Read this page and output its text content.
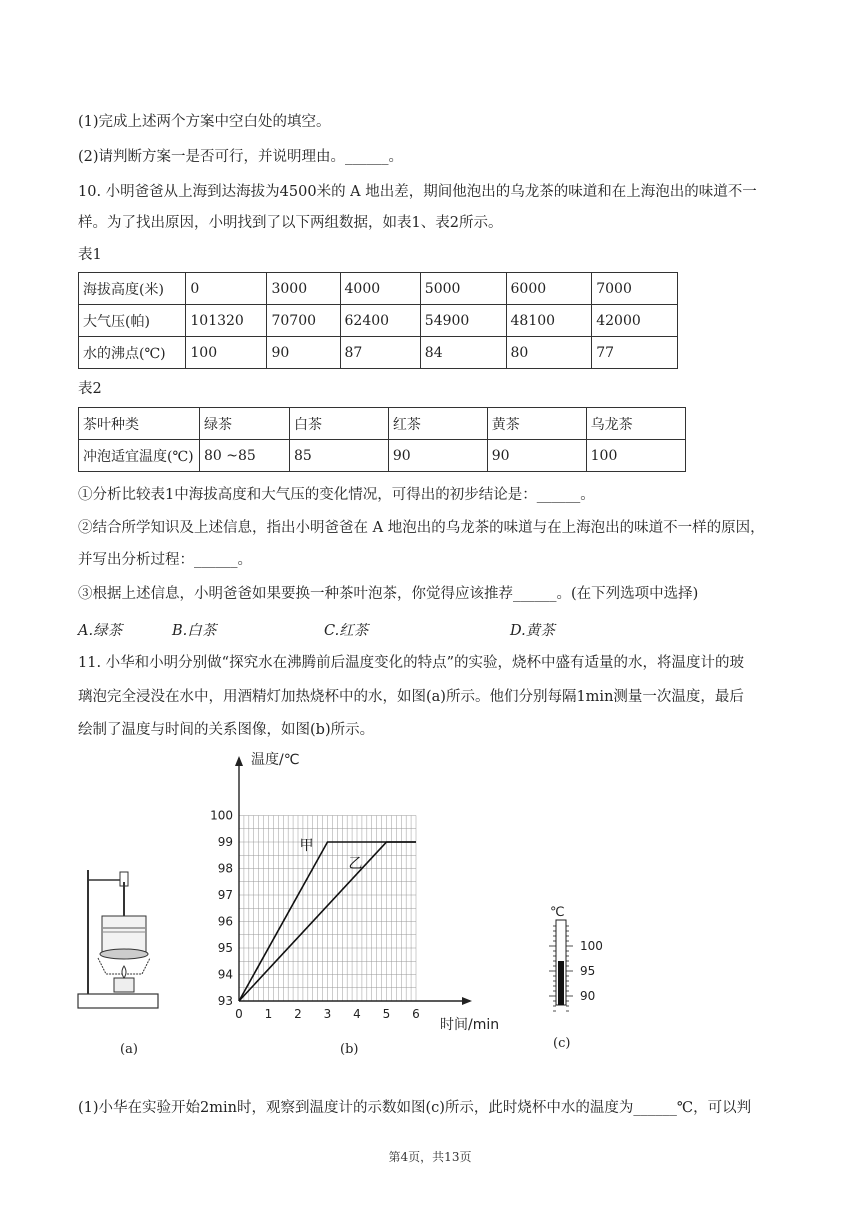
(1)完成上述两个方案中空白处的填空。
(2)请判断方案一是否可行，并说明理由。______。
10. 小明爸爸从上海到达海拔为4500米的 A 地出差，期间他泡出的乌龙茶的味道和在上海泡出的味道不一
样。为了找出原因，小明找到了以下两组数据，如表1、表2所示。
表1
海拔高度(米)	0	3000	4000	5000	6000	7000
大气压(帕)	101320	70700	62400	54900	48100	42000
水的沸点(℃)	100	90	87	84	80	77
表2
茶叶种类	绿茶	白茶	红茶	黄茶	乌龙茶
冲泡适宜温度(℃)	80 ~85	85	90	90	100
①分析比较表1中海拔高度和大气压的变化情况，可得出的初步结论是：______。
②结合所学知识及上述信息，指出小明爸爸在 A 地泡出的乌龙茶的味道与在上海泡出的味道不一样的原因，
并写出分析过程：______。
③根据上述信息，小明爸爸如果要换一种茶叶泡茶，你觉得应该推荐______。(在下列选项中选择)
A.绿茶	B.白茶	C.红茶	D.黄茶
11. 小华和小明分别做“探究水在沸腾前后温度变化的特点”的实验，烧杯中盛有适量的水，将温度计的玻
璃泡完全浸没在水中，用酒精灯加热烧杯中的水，如图(a)所示。他们分别每隔1min测量一次温度，最后
绘制了温度与时间的关系图像，如图(b)所示。
(a)
93
94
95
96
97
98
99
100
0 1 2 3 4 5 6
温度/℃
时间/min
甲
乙
(b)
℃
100
95
90
(c)
(1)小华在实验开始2min时，观察到温度计的示数如图(c)所示，此时烧杯中水的温度为______℃，可以判
第4页，共13页
